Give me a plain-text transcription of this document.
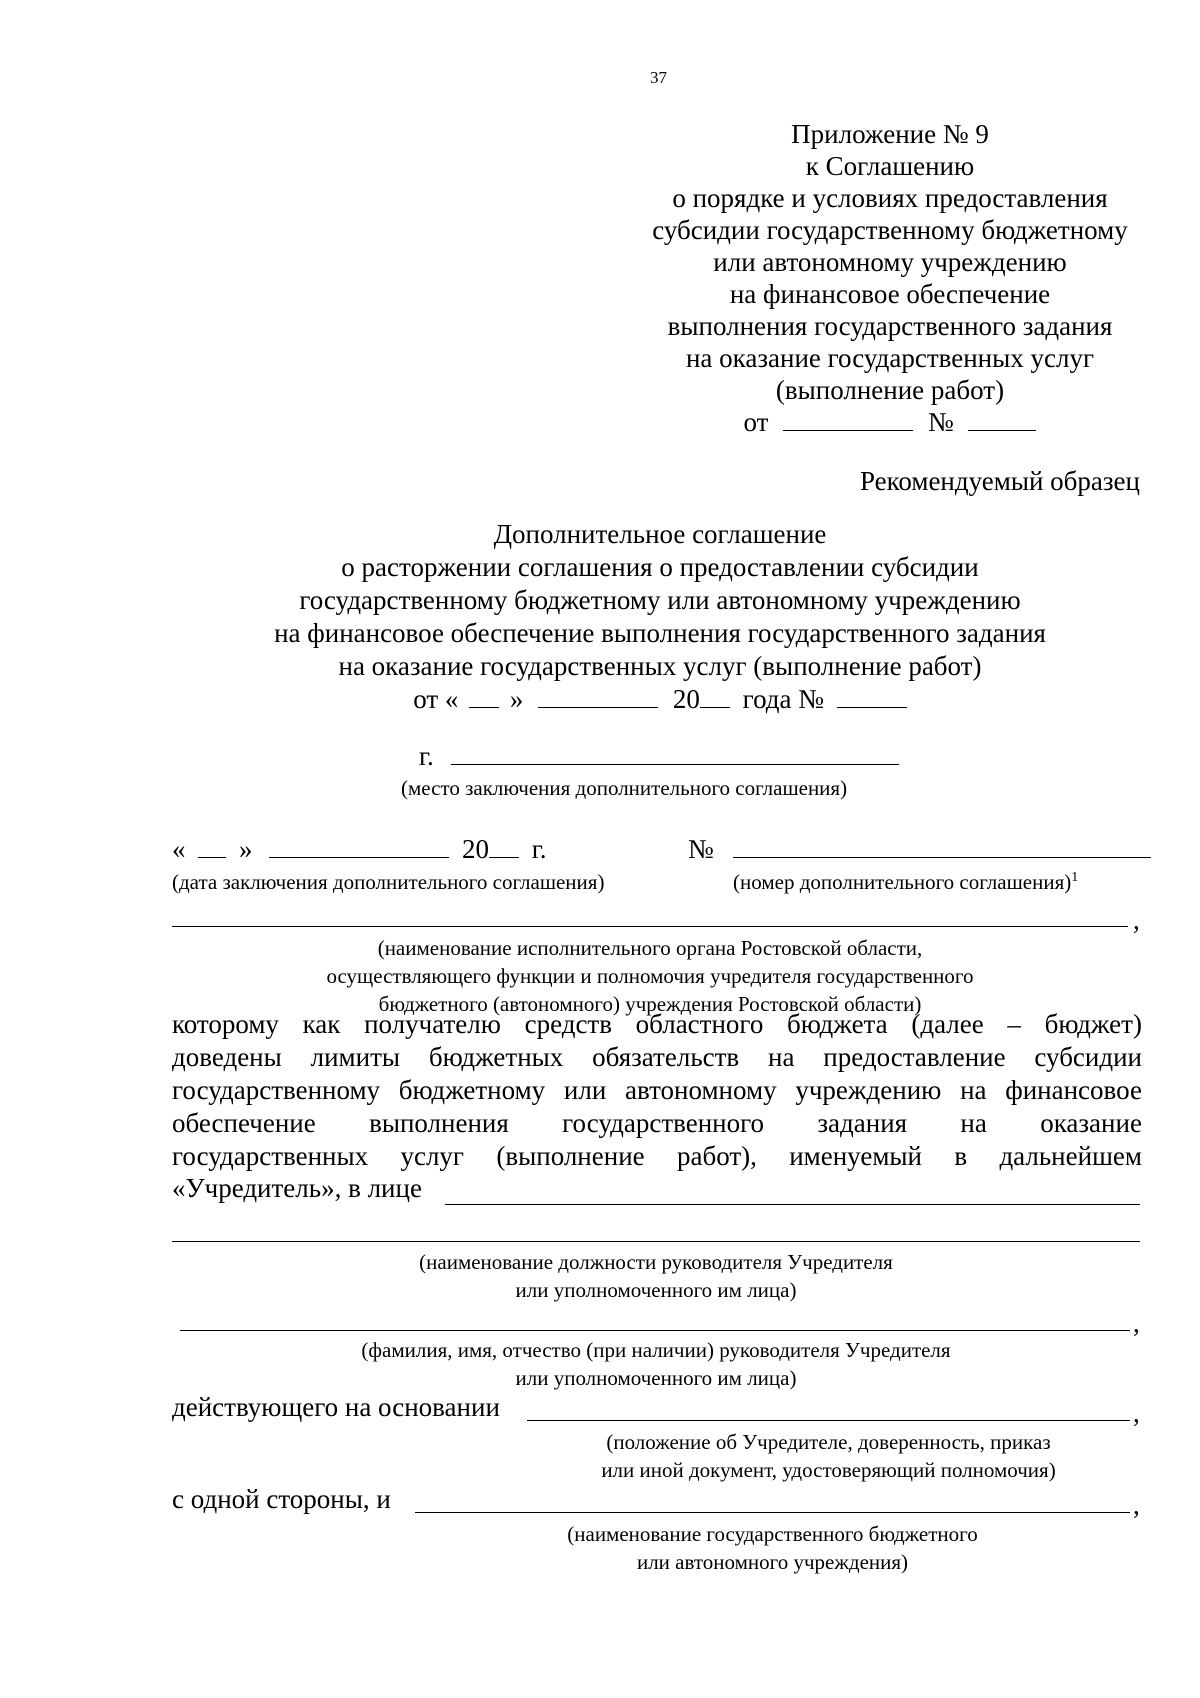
37
Приложение № 9
к Соглашению
о порядке и условиях предоставления
субсидии государственному бюджетному
или автономному учреждению
на финансовое обеспечение
выполнения государственного задания
на оказание государственных услуг
(выполнение работ)
от	№
Рекомендуемый образец
Дополнительное соглашение
о расторжении соглашения о предоставлении субсидии
государственному бюджетному или автономному учреждению
на финансовое обеспечение выполнения государственного задания
на оказание государственных услуг (выполнение работ)
от « »	20 года №
г.
(место заключения дополнительного соглашения)
« »	20 г.	№
(дата заключения дополнительного соглашения)	(номер дополнительного соглашения)$^1$
,
(наименование исполнительного органа Ростовской области,
осуществляющего функции и полномочия учредителя государственного
бюджетного (автономного) учреждения Ростовской области)
которому как получателю средств областного бюджета (далее – бюджет)
доведены лимиты бюджетных обязательств на предоставление субсидии
государственному бюджетному или автономному учреждению на финансовое
обеспечение выполнения государственного задания на оказание
государственных услуг (выполнение работ), именуемый в дальнейшем
«Учредитель», в лице
(наименование должности руководителя Учредителя
или уполномоченного им лица)
,
(фамилия, имя, отчество (при наличии) руководителя Учредителя
или уполномоченного им лица)
действующего на основании	,
(положение об Учредителе, доверенность, приказ
или иной документ, удостоверяющий полномочия)
с одной стороны, и	,
(наименование государственного бюджетного
или автономного учреждения)
